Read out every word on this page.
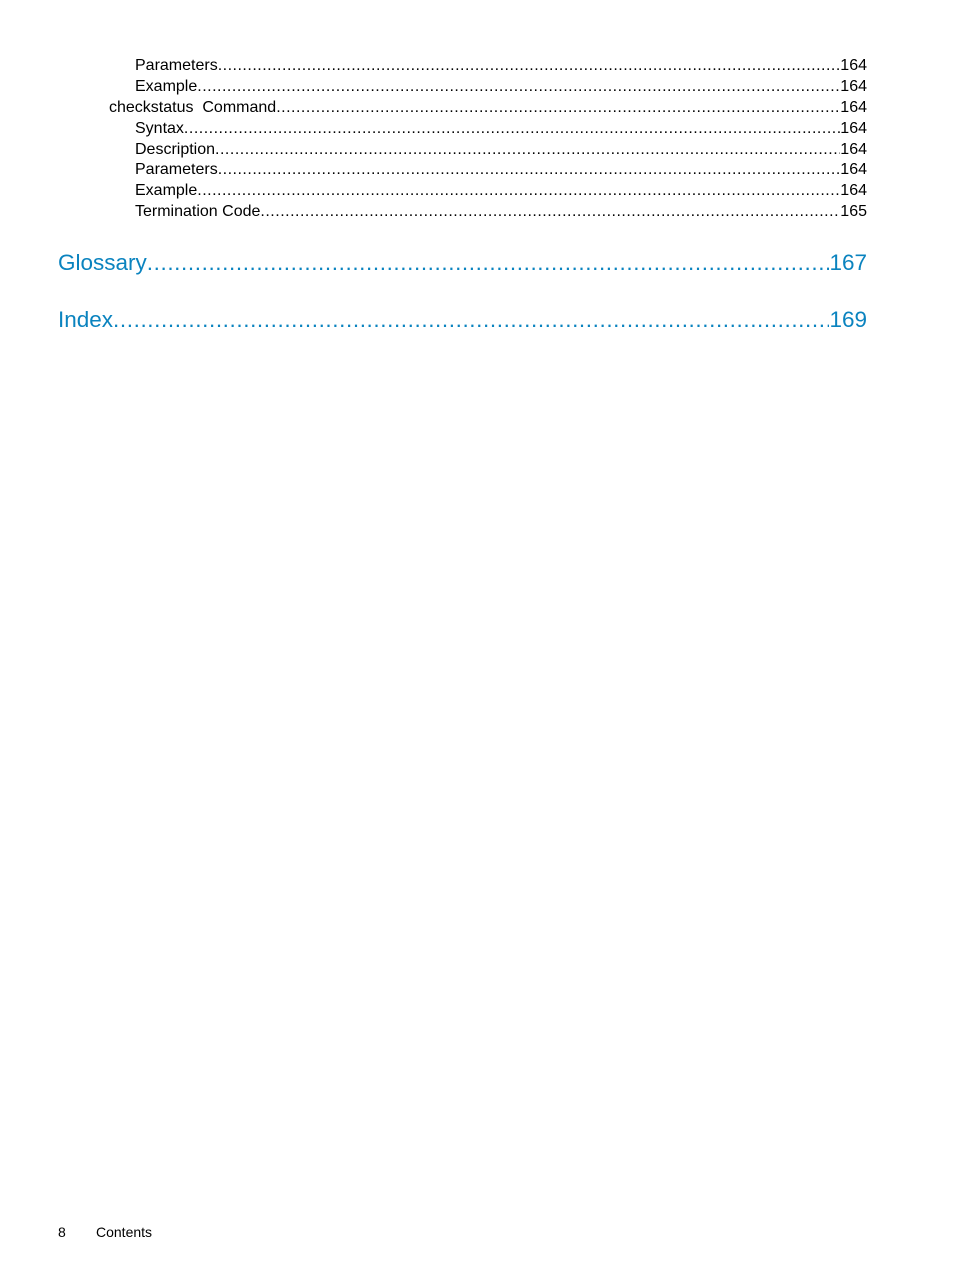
Parameters .....	164
Example .....	164
checkstatus  Command .....	164
Syntax .....	164
Description .....	164
Parameters .....	164
Example .....	164
Termination Code .....	165
Glossary .....	167
Index .....	169
8 Contents
